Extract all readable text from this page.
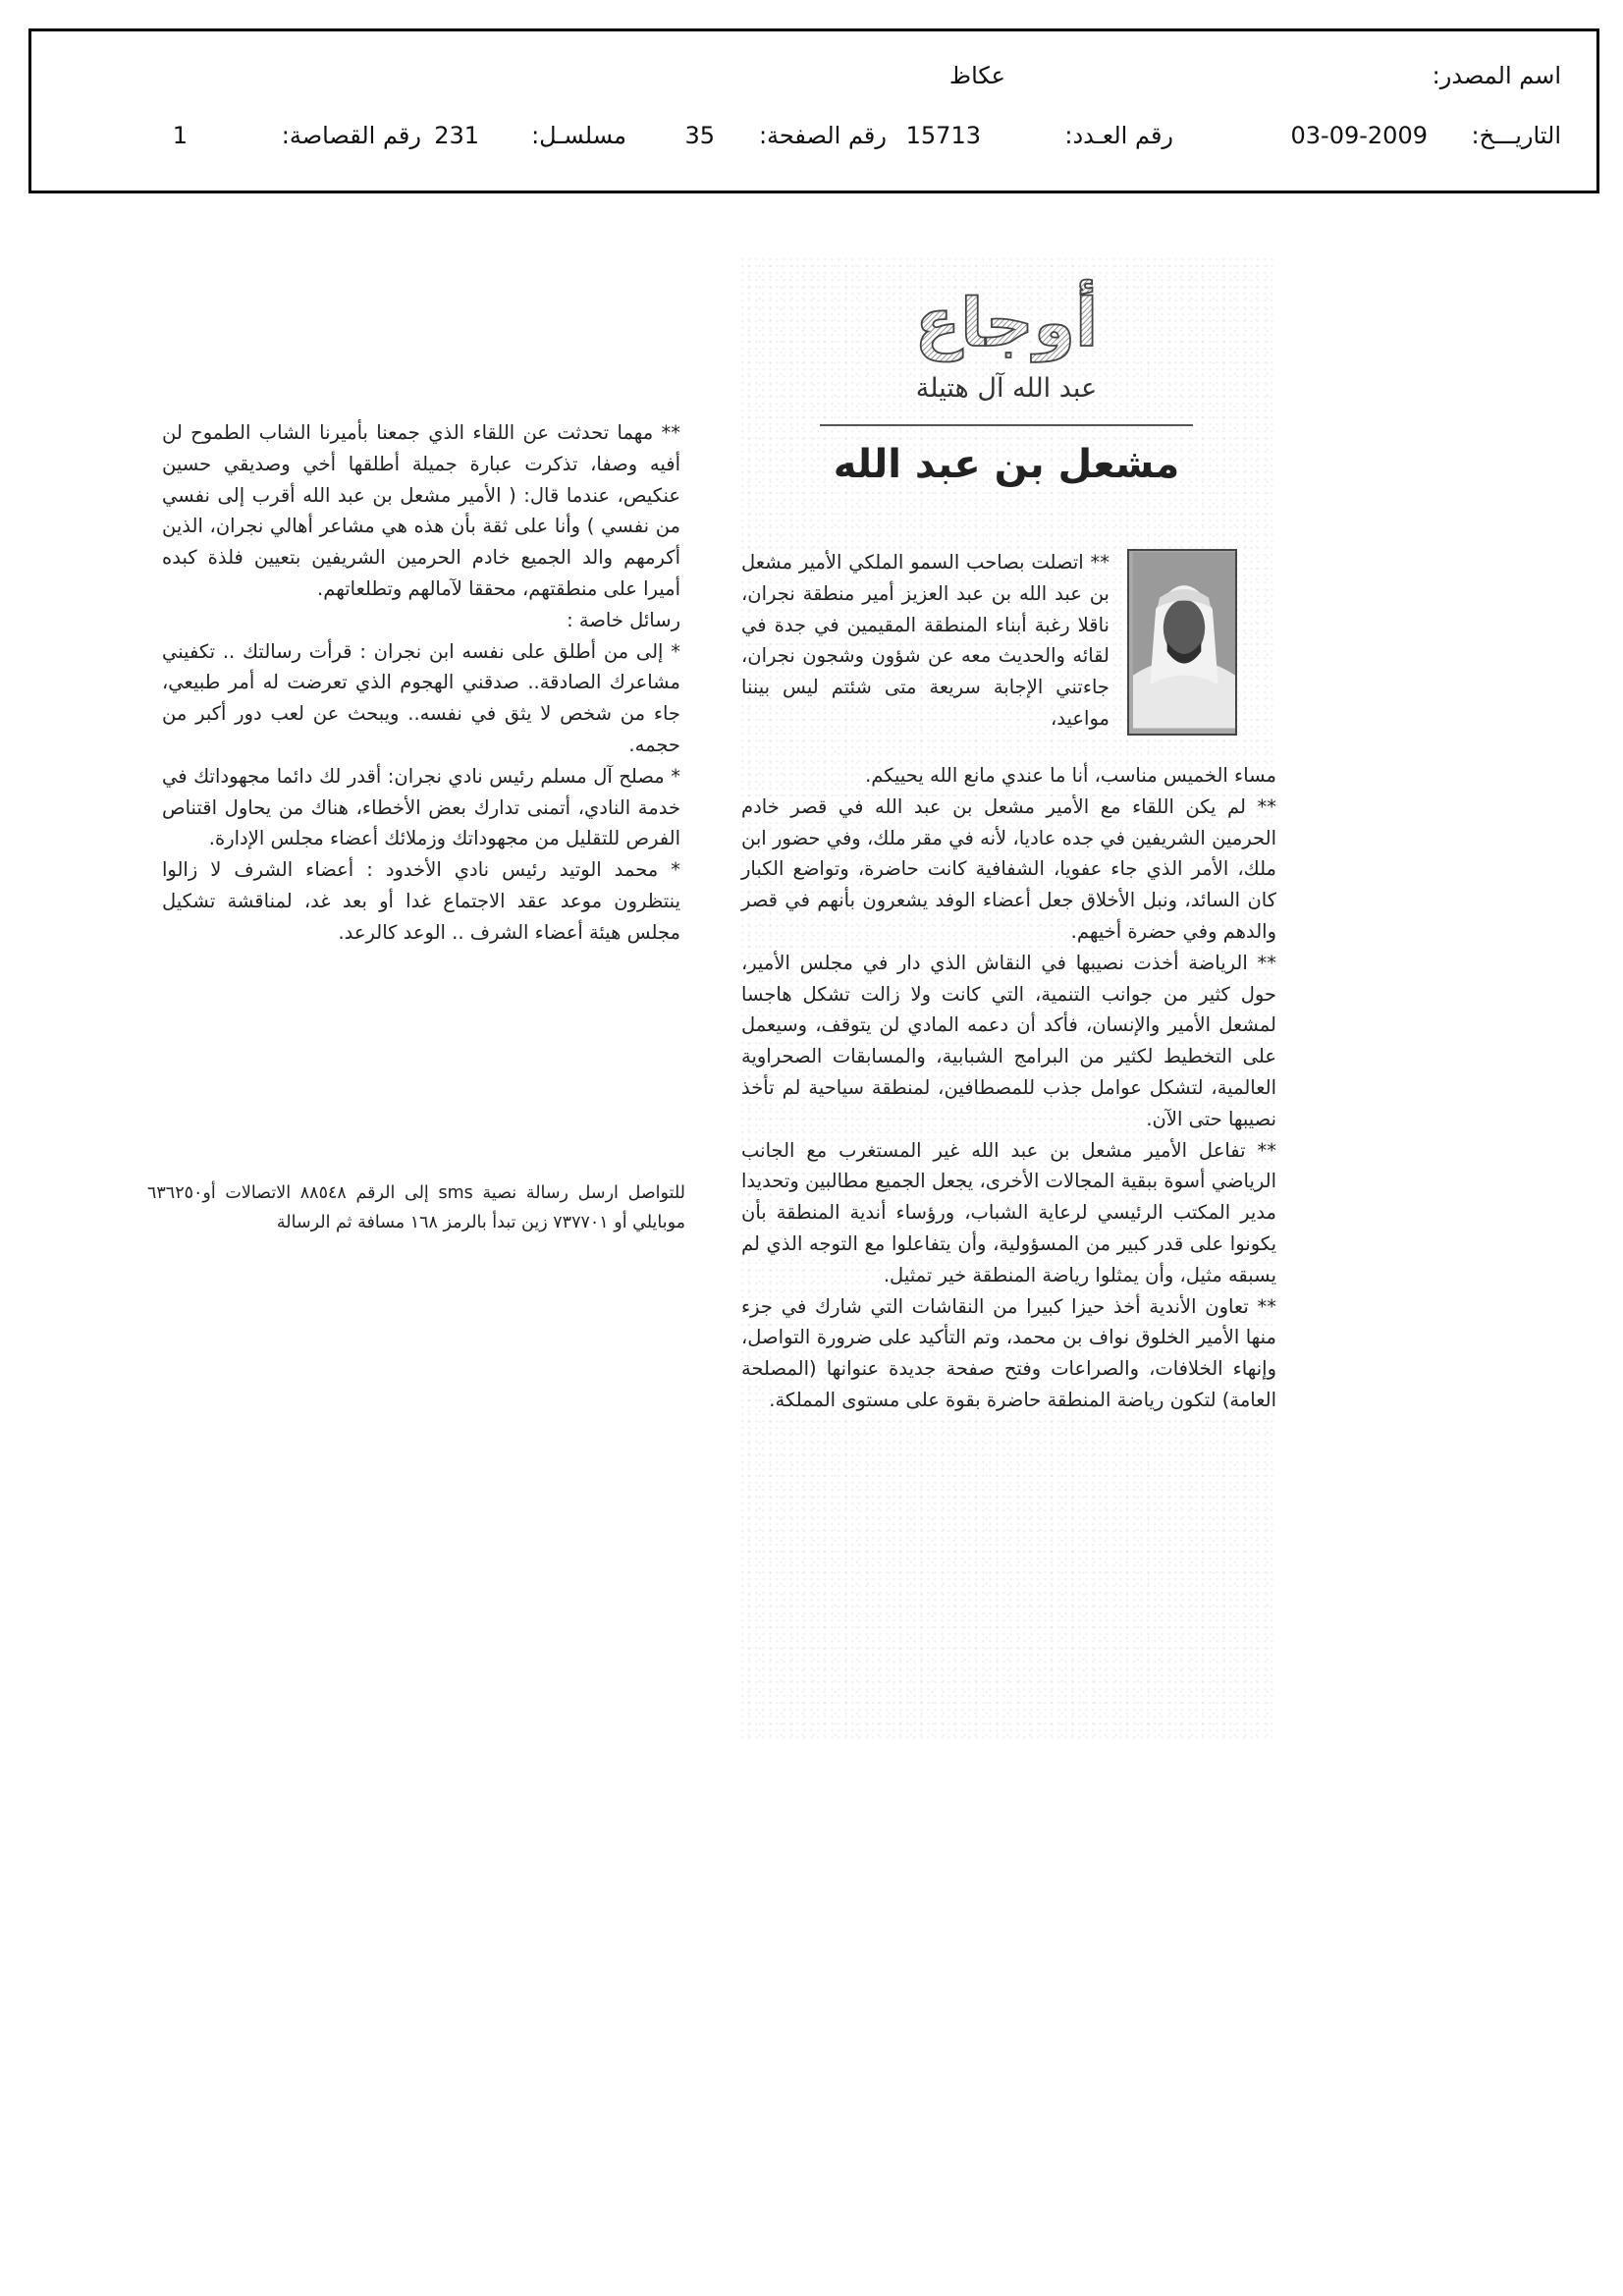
اسم المصدر:
عكاظ
التاريـــخ:
03-09-2009
رقم العـدد:
15713
رقم الصفحة:
35
مسلسـل:
231
رقم القصاصة:
1
أوجاع
عبد الله آل هتيلة
مشعل بن عبد الله
** اتصلت بصاحب السمو الملكي الأمير مشعل بن عبد الله بن عبد العزيز أمير منطقة نجران، ناقلا رغبة أبناء المنطقة المقيمين في جدة في لقائه والحديث معه عن شؤون وشجون نجران، جاءتني الإجابة سريعة متى شئتم ليس بيننا مواعيد،

مساء الخميس مناسب، أنا ما عندي مانع الله يحييكم.

** لم يكن اللقاء مع الأمير مشعل بن عبد الله في قصر خادم الحرمين الشريفين في جده عاديا، لأنه في مقر ملك، وفي حضور ابن ملك، الأمر الذي جاء عفويا، الشفافية كانت حاضرة، وتواضع الكبار كان السائد، ونبل الأخلاق جعل أعضاء الوفد يشعرون بأنهم في قصر والدهم وفي حضرة أخيهم.

** الرياضة أخذت نصيبها في النقاش الذي دار في مجلس الأمير، حول كثير من جوانب التنمية، التي كانت ولا زالت تشكل هاجسا لمشعل الأمير والإنسان، فأكد أن دعمه المادي لن يتوقف، وسيعمل على التخطيط لكثير من البرامج الشبابية، والمسابقات الصحراوية العالمية، لتشكل عوامل جذب للمصطافين، لمنطقة سياحية لم تأخذ نصيبها حتى الآن.

** تفاعل الأمير مشعل بن عبد الله غير المستغرب مع الجانب الرياضي أسوة ببقية المجالات الأخرى، يجعل الجميع مطالبين وتحديدا مدير المكتب الرئيسي لرعاية الشباب، ورؤساء أندية المنطقة بأن يكونوا على قدر كبير من المسؤولية، وأن يتفاعلوا مع التوجه الذي لم يسبقه مثيل، وأن يمثلوا رياضة المنطقة خير تمثيل.

** تعاون الأندية أخذ حيزا كبيرا من النقاشات التي شارك في جزء منها الأمير الخلوق نواف بن محمد، وتم التأكيد على ضرورة التواصل، وإنهاء الخلافات، والصراعات وفتح صفحة جديدة عنوانها (المصلحة العامة) لتكون رياضة المنطقة حاضرة بقوة على مستوى المملكة.

** مهما تحدثت عن اللقاء الذي جمعنا بأميرنا الشاب الطموح لن أفيه وصفا، تذكرت عبارة جميلة أطلقها أخي وصديقي حسين عنكيص، عندما قال: ( الأمير مشعل بن عبد الله أقرب إلى نفسي من نفسي ) وأنا على ثقة بأن هذه هي مشاعر أهالي نجران، الذين أكرمهم والد الجميع خادم الحرمين الشريفين بتعيين فلذة كبده أميرا على منطقتهم، محققا لآمالهم وتطلعاتهم.

رسائل خاصة :

* إلى من أطلق على نفسه ابن نجران : قرأت رسالتك .. تكفيني مشاعرك الصادقة.. صدقني الهجوم الذي تعرضت له أمر طبيعي، جاء من شخص لا يثق في نفسه.. ويبحث عن لعب دور أكبر من حجمه.

* مصلح آل مسلم رئيس نادي نجران: أقدر لك دائما مجهوداتك في خدمة النادي، أتمنى تدارك بعض الأخطاء، هناك من يحاول اقتناص الفرص للتقليل من مجهوداتك وزملائك أعضاء مجلس الإدارة.

* محمد الوتيد رئيس نادي الأخدود : أعضاء الشرف لا زالوا ينتظرون موعد عقد الاجتماع غدا أو بعد غد، لمناقشة تشكيل مجلس هيئة أعضاء الشرف .. الوعد كالرعد.

للتواصل ارسل رسالة نصية sms إلى الرقم ٨٨٥٤٨ الاتصالات أو٦٣٦٢٥٠ موبايلي أو ٧٣٧٧٠١ زين تبدأ بالرمز ١٦٨ مسافة ثم الرسالة
